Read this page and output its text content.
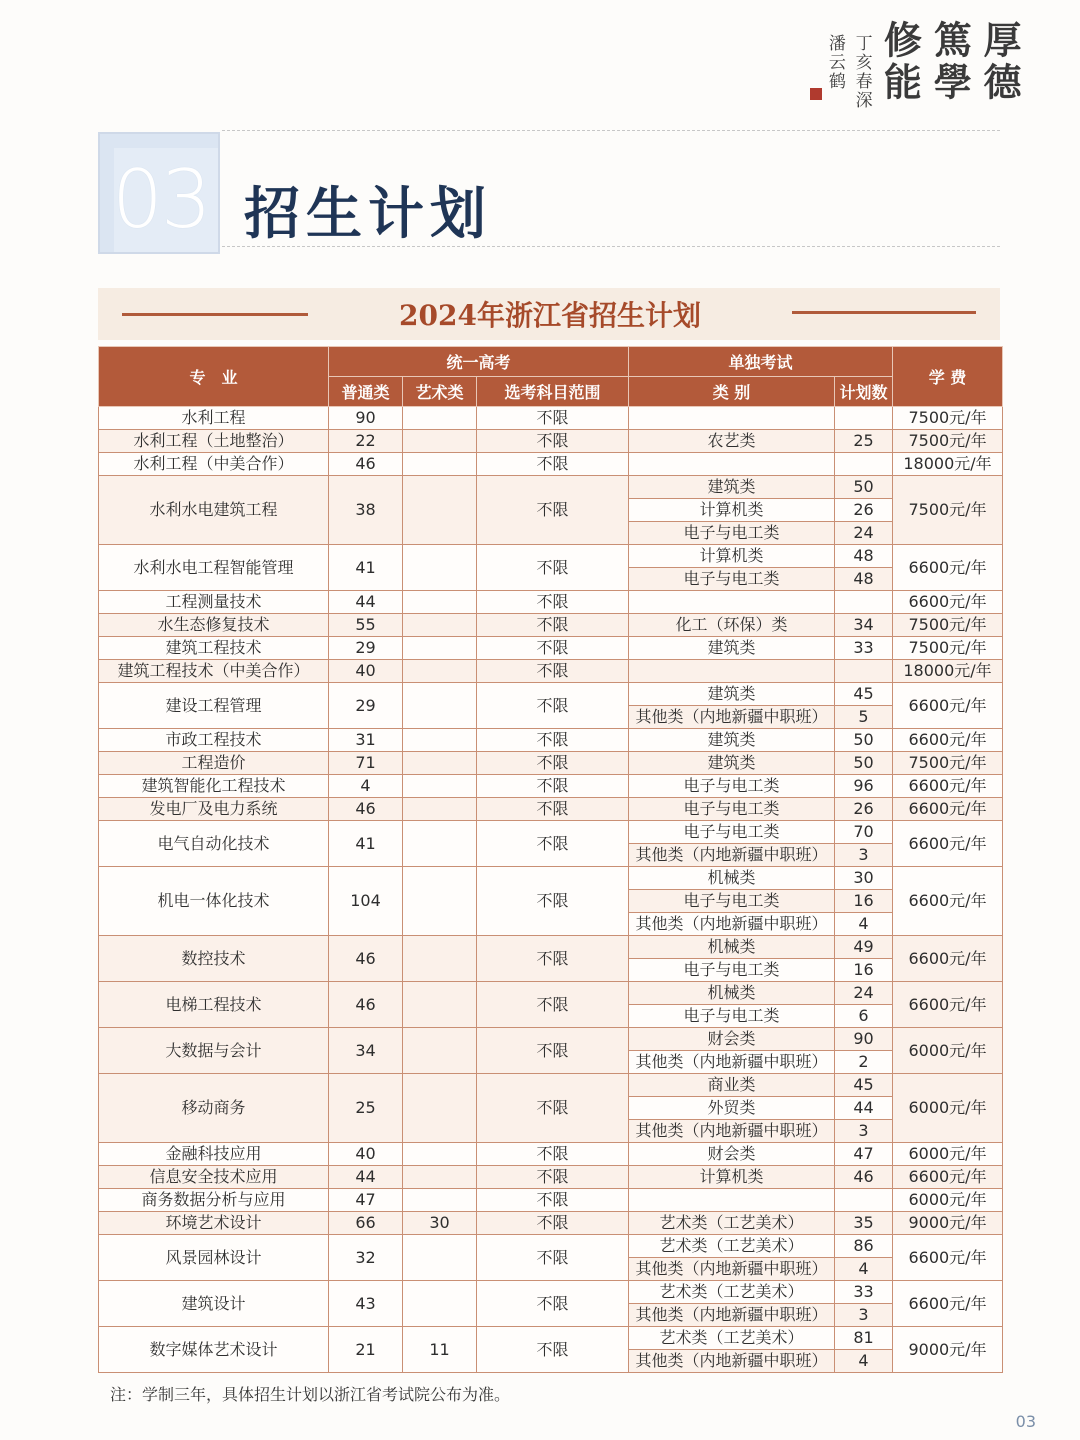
厚德
篤學
修能
丁亥春深
潘云鹤
03 招生计划
2024年浙江省招生计划
专　业	统一高考			单独考试		学 费
	普通类	艺术类	选考科目范围	类 别	计划数	
水利工程	90		不限			7500元/年
水利工程（土地整治）	22		不限	农艺类	25	7500元/年
水利工程（中美合作）	46		不限			18000元/年
水利水电建筑工程	38		不限	建筑类	50	7500元/年
				计算机类	26	
				电子与电工类	24	
水利水电工程智能管理	41		不限	计算机类	48	6600元/年
				电子与电工类	48	
工程测量技术	44		不限			6600元/年
水生态修复技术	55		不限	化工（环保）类	34	7500元/年
建筑工程技术	29		不限	建筑类	33	7500元/年
建筑工程技术（中美合作）	40		不限			18000元/年
建设工程管理	29		不限	建筑类	45	6600元/年
				其他类（内地新疆中职班）	5	
市政工程技术	31		不限	建筑类	50	6600元/年
工程造价	71		不限	建筑类	50	7500元/年
建筑智能化工程技术	4		不限	电子与电工类	96	6600元/年
发电厂及电力系统	46		不限	电子与电工类	26	6600元/年
电气自动化技术	41		不限	电子与电工类	70	6600元/年
				其他类（内地新疆中职班）	3	
机电一体化技术	104		不限	机械类	30	6600元/年
				电子与电工类	16	
				其他类（内地新疆中职班）	4	
数控技术	46		不限	机械类	49	6600元/年
				电子与电工类	16	
电梯工程技术	46		不限	机械类	24	6600元/年
				电子与电工类	6	
大数据与会计	34		不限	财会类	90	6000元/年
				其他类（内地新疆中职班）	2	
移动商务	25		不限	商业类	45	6000元/年
				外贸类	44	
				其他类（内地新疆中职班）	3	
金融科技应用	40		不限	财会类	47	6000元/年
信息安全技术应用	44		不限	计算机类	46	6600元/年
商务数据分析与应用	47		不限			6000元/年
环境艺术设计	66	30	不限	艺术类（工艺美术）	35	9000元/年
风景园林设计	32		不限	艺术类（工艺美术）	86	6600元/年
				其他类（内地新疆中职班）	4	
建筑设计	43		不限	艺术类（工艺美术）	33	6600元/年
				其他类（内地新疆中职班）	3	
数字媒体艺术设计	21	11	不限	艺术类（工艺美术）	81	9000元/年
				其他类（内地新疆中职班）	4	
注：学制三年，具体招生计划以浙江省考试院公布为准。
03
